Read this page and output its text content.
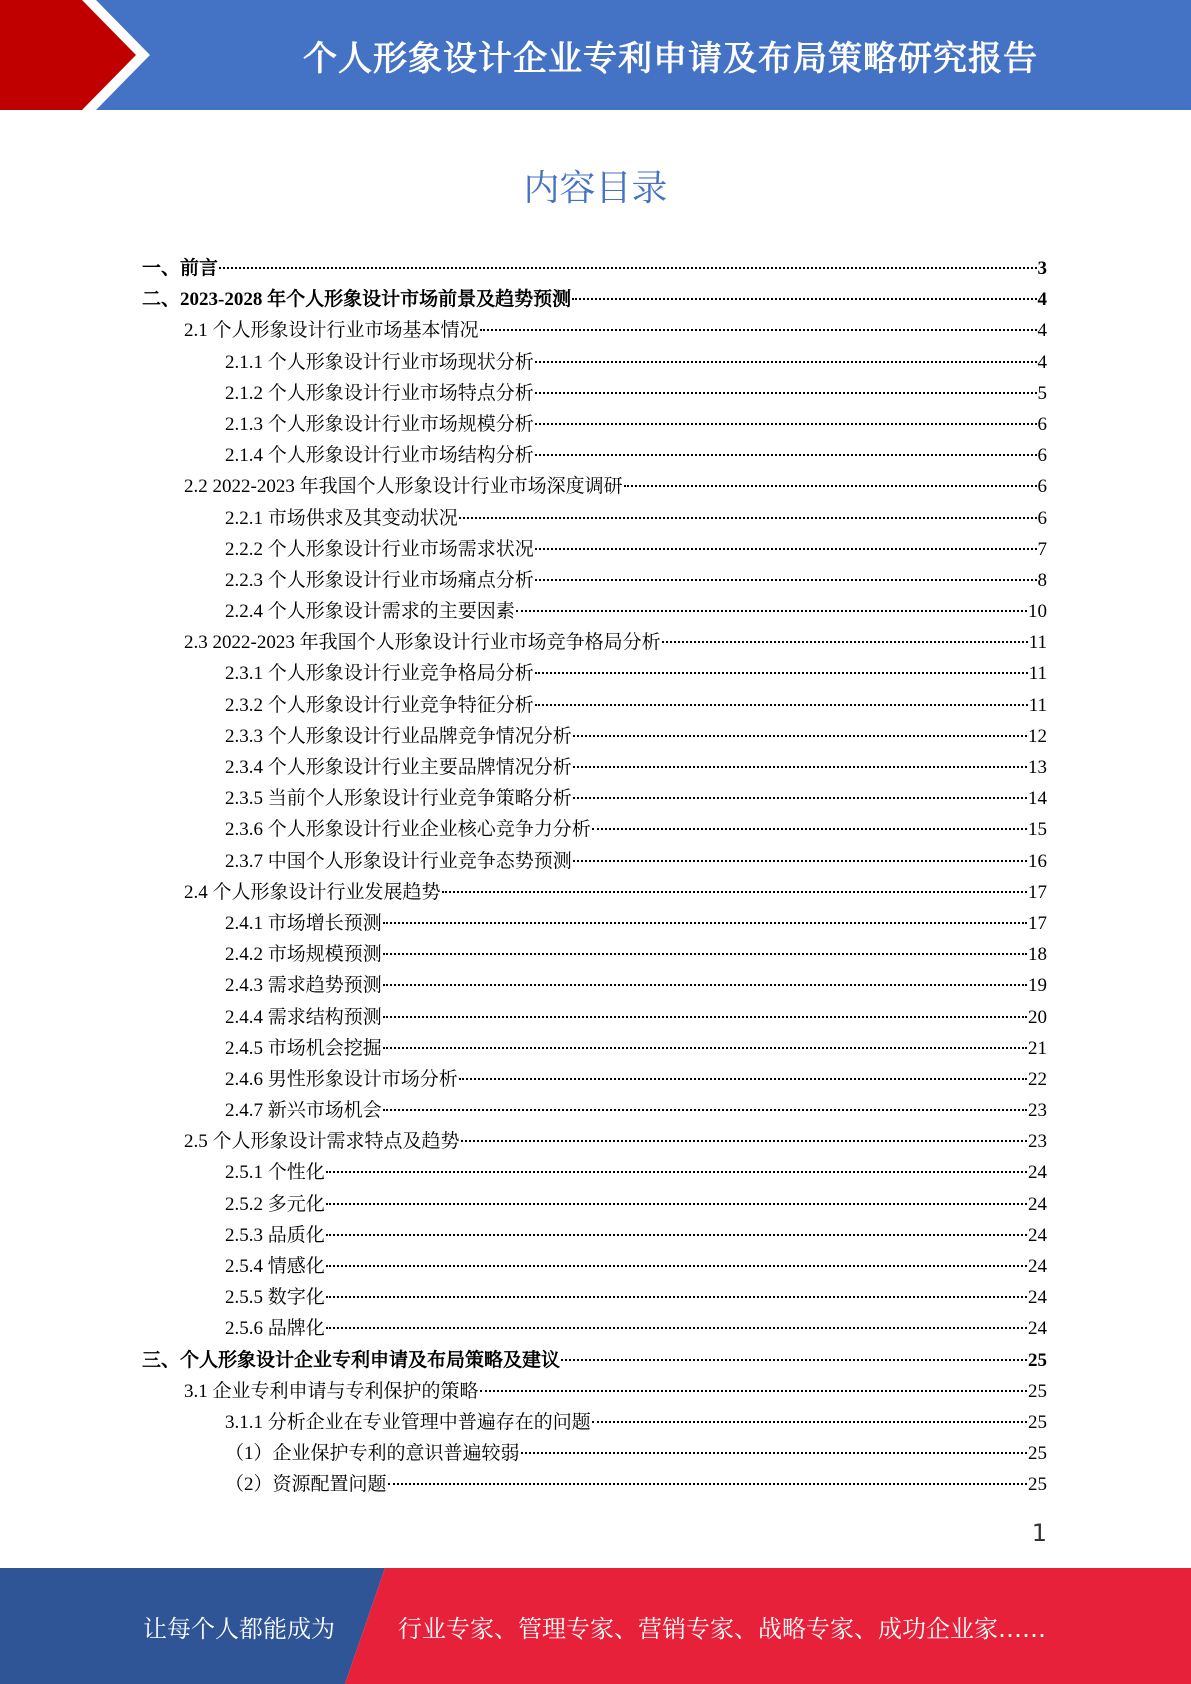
个人形象设计企业专利申请及布局策略研究报告
内容目录
一、前言	3
二、2023-2028 年个人形象设计市场前景及趋势预测	4
2.1 个人形象设计行业市场基本情况	4
2.1.1 个人形象设计行业市场现状分析	4
2.1.2 个人形象设计行业市场特点分析	5
2.1.3 个人形象设计行业市场规模分析	6
2.1.4 个人形象设计行业市场结构分析	6
2.2 2022-2023 年我国个人形象设计行业市场深度调研	6
2.2.1 市场供求及其变动状况	6
2.2.2 个人形象设计行业市场需求状况	7
2.2.3 个人形象设计行业市场痛点分析	8
2.2.4 个人形象设计需求的主要因素	10
2.3 2022-2023 年我国个人形象设计行业市场竞争格局分析	11
2.3.1 个人形象设计行业竞争格局分析	11
2.3.2 个人形象设计行业竞争特征分析	11
2.3.3 个人形象设计行业品牌竞争情况分析	12
2.3.4 个人形象设计行业主要品牌情况分析	13
2.3.5 当前个人形象设计行业竞争策略分析	14
2.3.6 个人形象设计行业企业核心竞争力分析	15
2.3.7 中国个人形象设计行业竞争态势预测	16
2.4 个人形象设计行业发展趋势	17
2.4.1 市场增长预测	17
2.4.2 市场规模预测	18
2.4.3 需求趋势预测	19
2.4.4 需求结构预测	20
2.4.5 市场机会挖掘	21
2.4.6 男性形象设计市场分析	22
2.4.7 新兴市场机会	23
2.5 个人形象设计需求特点及趋势	23
2.5.1 个性化	24
2.5.2 多元化	24
2.5.3 品质化	24
2.5.4 情感化	24
2.5.5 数字化	24
2.5.6 品牌化	24
三、个人形象设计企业专利申请及布局策略及建议	25
3.1 企业专利申请与专利保护的策略	25
3.1.1 分析企业在专业管理中普遍存在的问题	25
（1）企业保护专利的意识普遍较弱	25
（2）资源配置问题	25
1
让每个人都能成为	行业专家、管理专家、营销专家、战略专家、成功企业家……
